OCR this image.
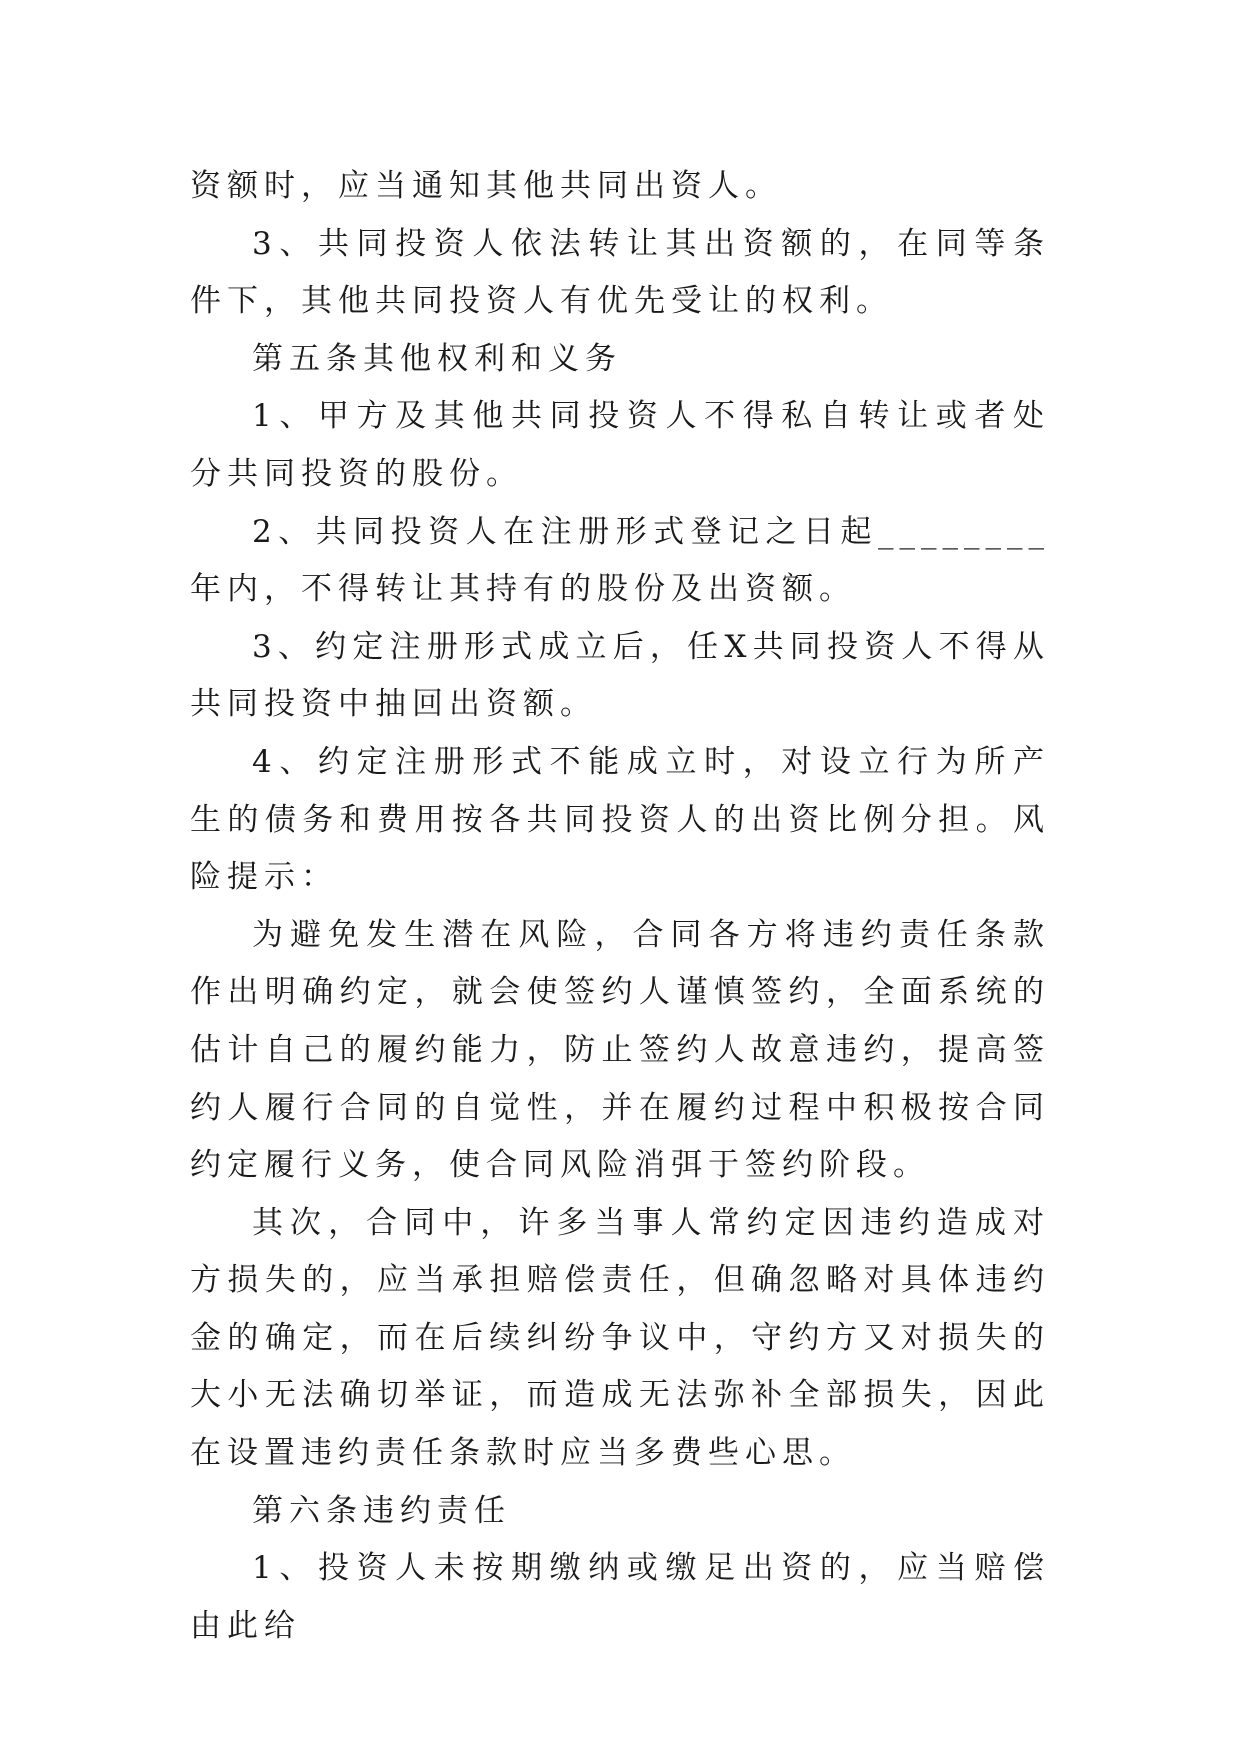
资额时，应当通知其他共同出资人。

3、共同投资人依法转让其出资额的，在同等条件下，其他共同投资人有优先受让的权利。

第五条其他权利和义务

1、甲方及其他共同投资人不得私自转让或者处分共同投资的股份。

2、共同投资人在注册形式登记之日起________年内，不得转让其持有的股份及出资额。

3、约定注册形式成立后，任X共同投资人不得从共同投资中抽回出资额。

4、约定注册形式不能成立时，对设立行为所产生的债务和费用按各共同投资人的出资比例分担。风险提示：

为避免发生潜在风险，合同各方将违约责任条款作出明确约定，就会使签约人谨慎签约，全面系统的估计自己的履约能力，防止签约人故意违约，提高签约人履行合同的自觉性，并在履约过程中积极按合同约定履行义务，使合同风险消弭于签约阶段。

其次，合同中，许多当事人常约定因违约造成对方损失的，应当承担赔偿责任，但确忽略对具体违约金的确定，而在后续纠纷争议中，守约方又对损失的大小无法确切举证，而造成无法弥补全部损失，因此在设置违约责任条款时应当多费些心思。

第六条违约责任

1、投资人未按期缴纳或缴足出资的，应当赔偿由此给
